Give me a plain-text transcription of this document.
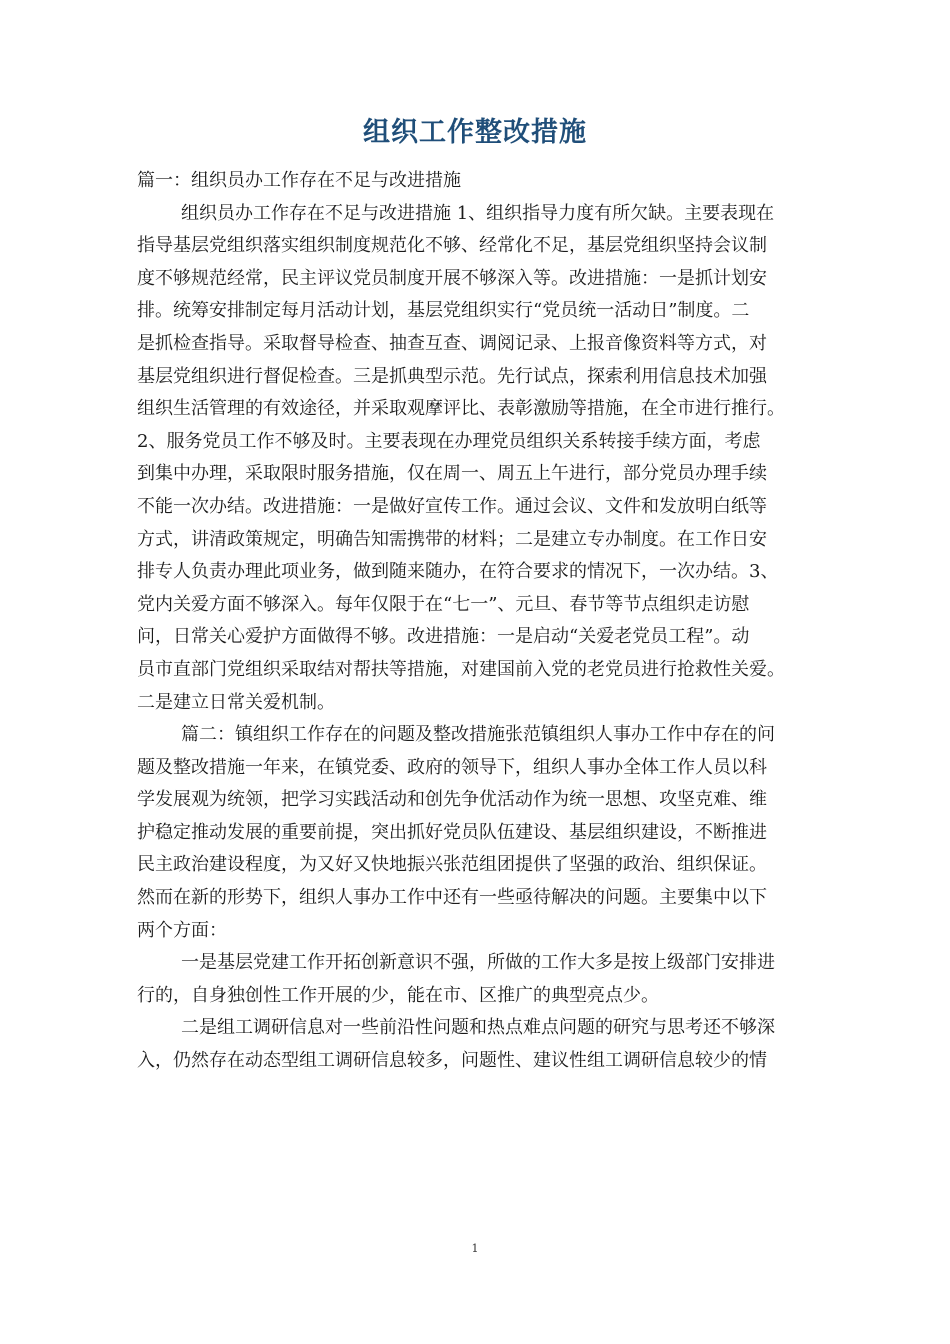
组织工作整改措施
篇一：组织员办工作存在不足与改进措施
组织员办工作存在不足与改进措施 1、组织指导力度有所欠缺。主要表现在
指导基层党组织落实组织制度规范化不够、经常化不足，基层党组织坚持会议制
度不够规范经常，民主评议党员制度开展不够深入等。改进措施：一是抓计划安
排。统筹安排制定每月活动计划，基层党组织实行“党员统一活动日”制度。二
是抓检查指导。采取督导检查、抽查互查、调阅记录、上报音像资料等方式，对
基层党组织进行督促检查。三是抓典型示范。先行试点，探索利用信息技术加强
组织生活管理的有效途径，并采取观摩评比、表彰激励等措施，在全市进行推行。
2、服务党员工作不够及时。主要表现在办理党员组织关系转接手续方面，考虑
到集中办理，采取限时服务措施，仅在周一、周五上午进行，部分党员办理手续
不能一次办结。改进措施：一是做好宣传工作。通过会议、文件和发放明白纸等
方式，讲清政策规定，明确告知需携带的材料；二是建立专办制度。在工作日安
排专人负责办理此项业务，做到随来随办，在符合要求的情况下，一次办结。3、
党内关爱方面不够深入。每年仅限于在“七一”、元旦、春节等节点组织走访慰
问，日常关心爱护方面做得不够。改进措施：一是启动“关爱老党员工程”。动
员市直部门党组织采取结对帮扶等措施，对建国前入党的老党员进行抢救性关爱。
二是建立日常关爱机制。
篇二：镇组织工作存在的问题及整改措施张范镇组织人事办工作中存在的问
题及整改措施一年来，在镇党委、政府的领导下，组织人事办全体工作人员以科
学发展观为统领，把学习实践活动和创先争优活动作为统一思想、攻坚克难、维
护稳定推动发展的重要前提，突出抓好党员队伍建设、基层组织建设，不断推进
民主政治建设程度，为又好又快地振兴张范组团提供了坚强的政治、组织保证。
然而在新的形势下，组织人事办工作中还有一些亟待解决的问题。主要集中以下
两个方面：
一是基层党建工作开拓创新意识不强，所做的工作大多是按上级部门安排进
行的，自身独创性工作开展的少，能在市、区推广的典型亮点少。
二是组工调研信息对一些前沿性问题和热点难点问题的研究与思考还不够深
入，仍然存在动态型组工调研信息较多，问题性、建议性组工调研信息较少的情
1
